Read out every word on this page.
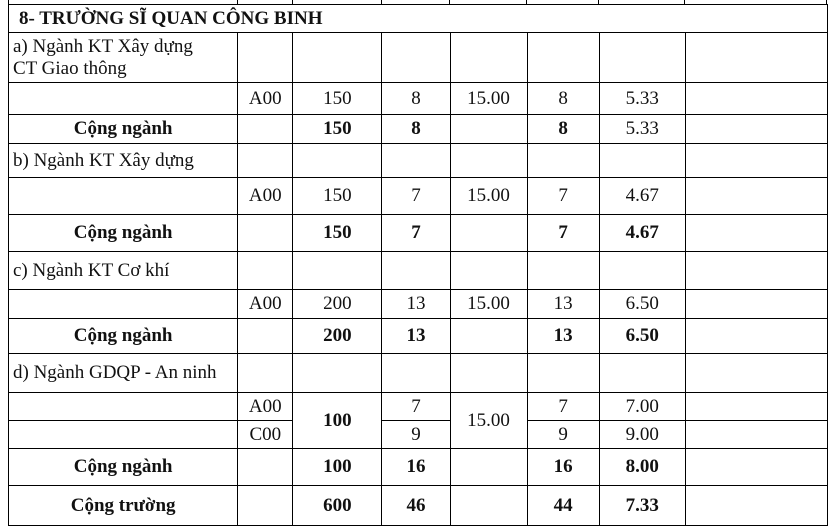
8- TRƯỜNG SĨ QUAN CÔNG BINH							
a) Ngành KT Xây dựng
CT Giao thông							
	A00	150	8	15.00	8	5.33	
Cộng ngành		150	8		8	5.33	
b) Ngành KT Xây dựng							
	A00	150	7	15.00	7	4.67	
Cộng ngành		150	7		7	4.67	
c) Ngành KT Cơ khí							
	A00	200	13	15.00	13	6.50	
Cộng ngành		200	13		13	6.50	
d) Ngành GDQP - An ninh							
	A00	100	7	15.00	7	7.00	
	C00		9		9	9.00	
Cộng ngành		100	16		16	8.00	
Cộng trường		600	46		44	7.33	
